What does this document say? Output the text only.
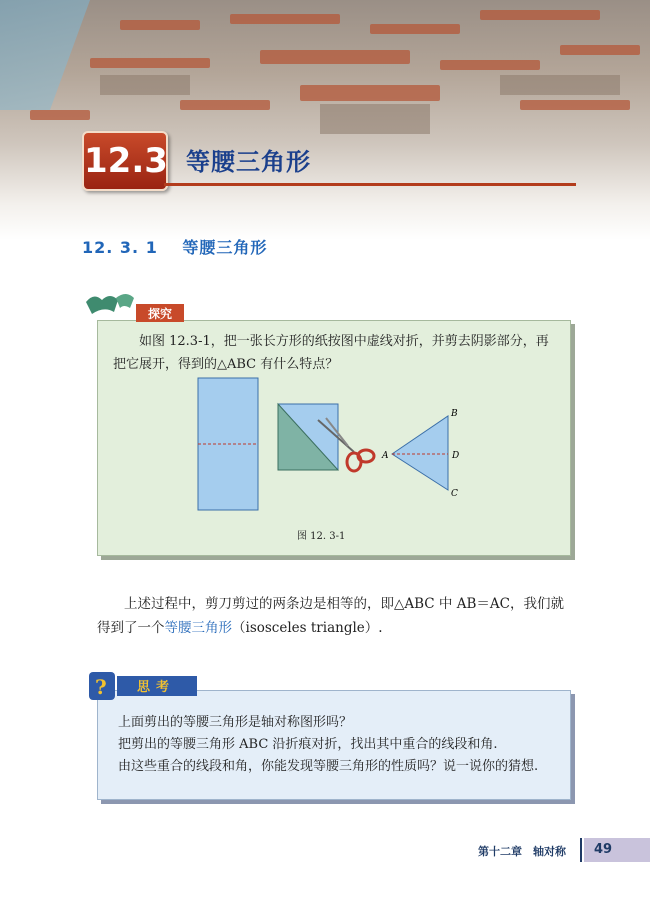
12.3 等腰三角形
12. 3. 1 等腰三角形
探究
如图 12.3-1，把一张长方形的纸按图中虚线对折，并剪去阴影部分，再把它展开，得到的△ABC 有什么特点？
A
B
C
D
图 12. 3-1
上述过程中，剪刀剪过的两条边是相等的，即△ABC 中 AB＝AC，我们就得到了一个等腰三角形（isosceles triangle）.
? 思考

上面剪出的等腰三角形是轴对称图形吗？

把剪出的等腰三角形 ABC 沿折痕对折，找出其中重合的线段和角.

由这些重合的线段和角，你能发现等腰三角形的性质吗？说一说你的猜想.

第十二章　轴对称	49
